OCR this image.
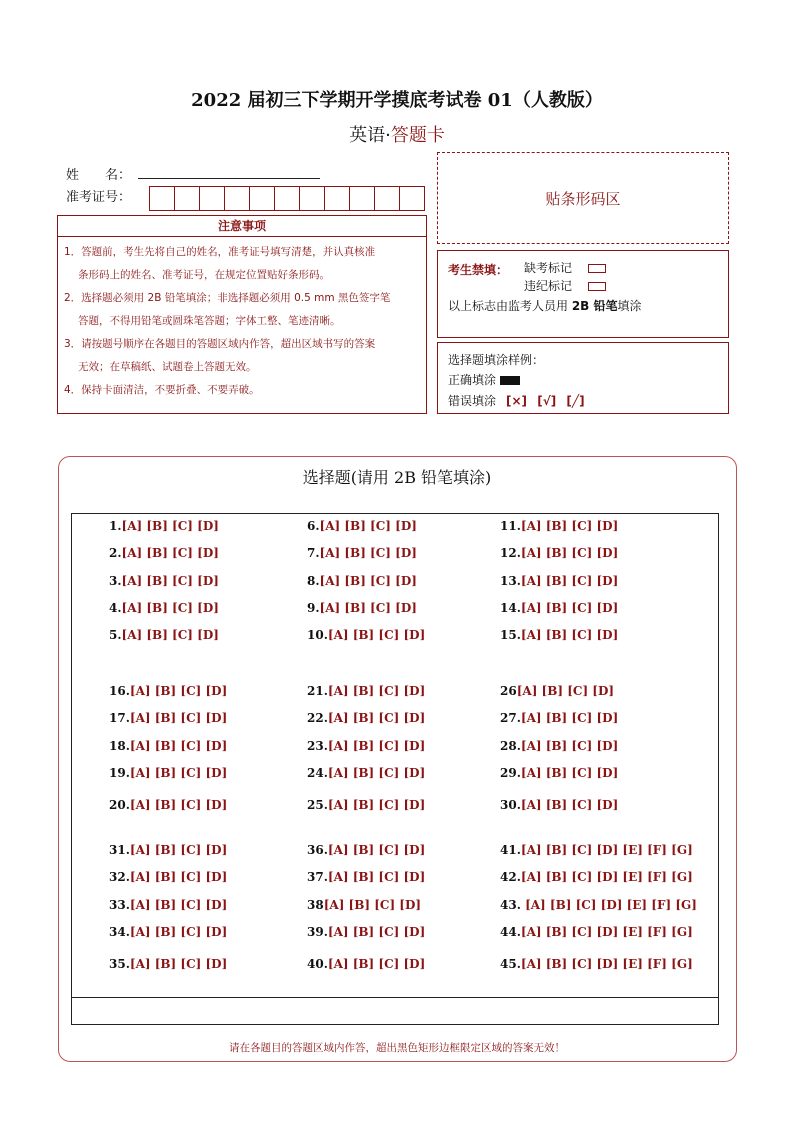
2022 届初三下学期开学摸底考试卷 01（人教版）
英语·答题卡
姓　　名：
准考证号：
注意事项

1．答题前，考生先将自己的姓名，准考证号填写清楚，并认真核准

条形码上的姓名、准考证号，在规定位置贴好条形码。

2．选择题必须用 2B 铅笔填涂；非选择题必须用 0.5 mm 黑色签字笔

答题，不得用铅笔或圆珠笔答题；字体工整、笔迹清晰。

3．请按题号顺序在各题目的答题区域内作答，超出区域书写的答案

无效；在草稿纸、试题卷上答题无效。

4．保持卡面清洁，不要折叠、不要弄破。

贴条形码区
考生禁填： 缺考标记
违纪标记
以上标志由监考人员用 2B 铅笔填涂
选择题填涂样例：
正确填涂
错误填涂 [×] [√] [╱]
选择题(请用 2B 铅笔填涂)
1.[A] [B] [C] [D]
2.[A] [B] [C] [D]
3.[A] [B] [C] [D]
4.[A] [B] [C] [D]
5.[A] [B] [C] [D]
6.[A] [B] [C] [D]
7.[A] [B] [C] [D]
8.[A] [B] [C] [D]
9.[A] [B] [C] [D]
10.[A] [B] [C] [D]
11.[A] [B] [C] [D]
12.[A] [B] [C] [D]
13.[A] [B] [C] [D]
14.[A] [B] [C] [D]
15.[A] [B] [C] [D]
16.[A] [B] [C] [D]
17.[A] [B] [C] [D]
18.[A] [B] [C] [D]
19.[A] [B] [C] [D]
20.[A] [B] [C] [D]
21.[A] [B] [C] [D]
22.[A] [B] [C] [D]
23.[A] [B] [C] [D]
24.[A] [B] [C] [D]
25.[A] [B] [C] [D]
26[A] [B] [C] [D]
27.[A] [B] [C] [D]
28.[A] [B] [C] [D]
29.[A] [B] [C] [D]
30.[A] [B] [C] [D]
31.[A] [B] [C] [D]
32.[A] [B] [C] [D]
33.[A] [B] [C] [D]
34.[A] [B] [C] [D]
35.[A] [B] [C] [D]
36.[A] [B] [C] [D]
37.[A] [B] [C] [D]
38[A] [B] [C] [D]
39.[A] [B] [C] [D]
40.[A] [B] [C] [D]
41.[A] [B] [C] [D] [E] [F] [G]
42.[A] [B] [C] [D] [E] [F] [G]
43. [A] [B] [C] [D] [E] [F] [G]
44.[A] [B] [C] [D] [E] [F] [G]
45.[A] [B] [C] [D] [E] [F] [G]
请在各题目的答题区域内作答，超出黑色矩形边框限定区域的答案无效！
